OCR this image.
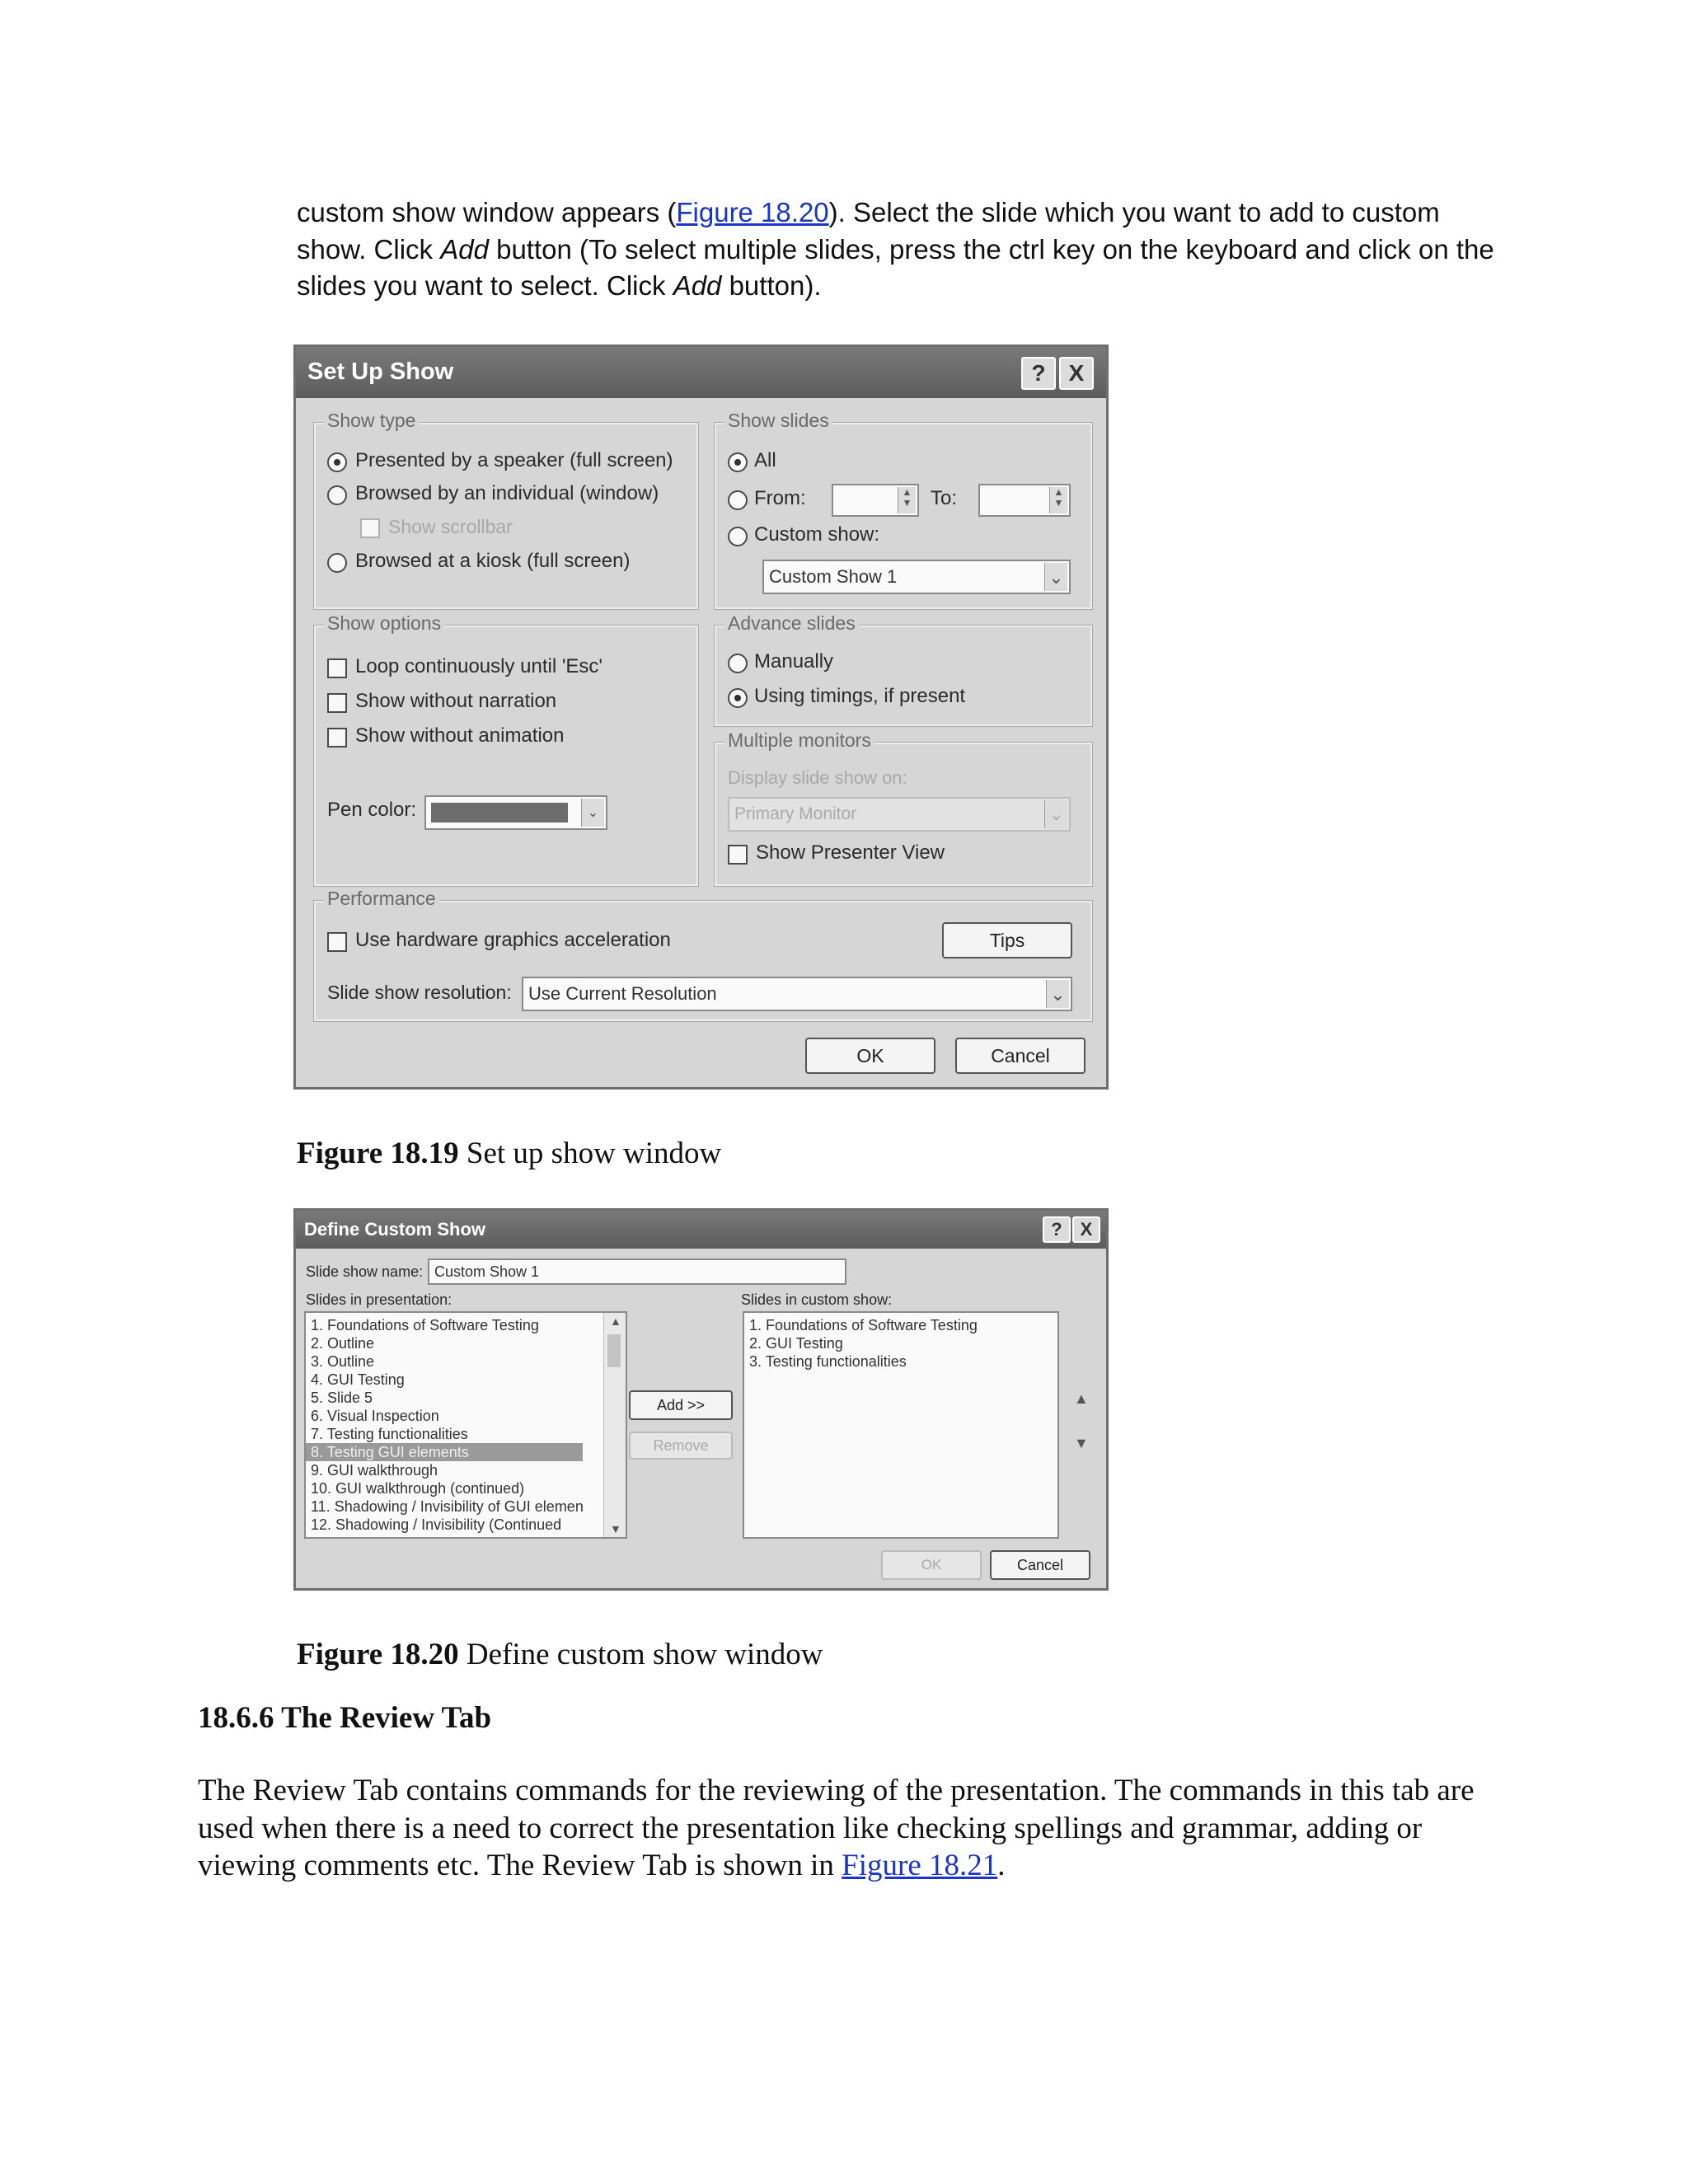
custom show window appears (Figure 18.20). Select the slide which you want to add to custom show. Click Add button (To select multiple slides, press the ctrl key on the keyboard and click on the slides you want to select. Click Add button).
Set Up Show	?	X
Show type
Presented by a speaker (full screen)
Browsed by an individual (window)
Show scrollbar
Browsed at a kiosk (full screen)
Show slides
All
From:	▲
▼ To:	▲
▼
Custom show:
Custom Show 1	⌄
Show options
Loop continuously until 'Esc'
Show without narration
Show without animation
Pen color:	⌄
Advance slides
Manually
Using timings, if present
Multiple monitors
Display slide show on:
Primary Monitor	⌄
Show Presenter View
Performance
Use hardware graphics acceleration	Tips
Slide show resolution: Use Current Resolution	⌄
OK	Cancel
Figure 18.19 Set up show window
Define Custom Show	? X
Slide show name: Custom Show 1
Slides in presentation:	Slides in custom show:
▲
▼
1. Foundations of Software Testing
2. Outline
3. Outline
4. GUI Testing
5. Slide 5
6. Visual Inspection
7. Testing functionalities
8. Testing GUI elements
9. GUI walkthrough
10. GUI walkthrough (continued)
11. Shadowing / Invisibility of GUI elemen
12. Shadowing / Invisibility (Continued
Add >>
Remove
1. Foundations of Software Testing
2. GUI Testing
3. Testing functionalities
▲
▼
OK	Cancel
Figure 18.20 Define custom show window
18.6.6 The Review Tab
The Review Tab contains commands for the reviewing of the presentation. The commands in this tab are used when there is a need to correct the presentation like checking spellings and grammar, adding or viewing comments etc. The Review Tab is shown in Figure 18.21.
